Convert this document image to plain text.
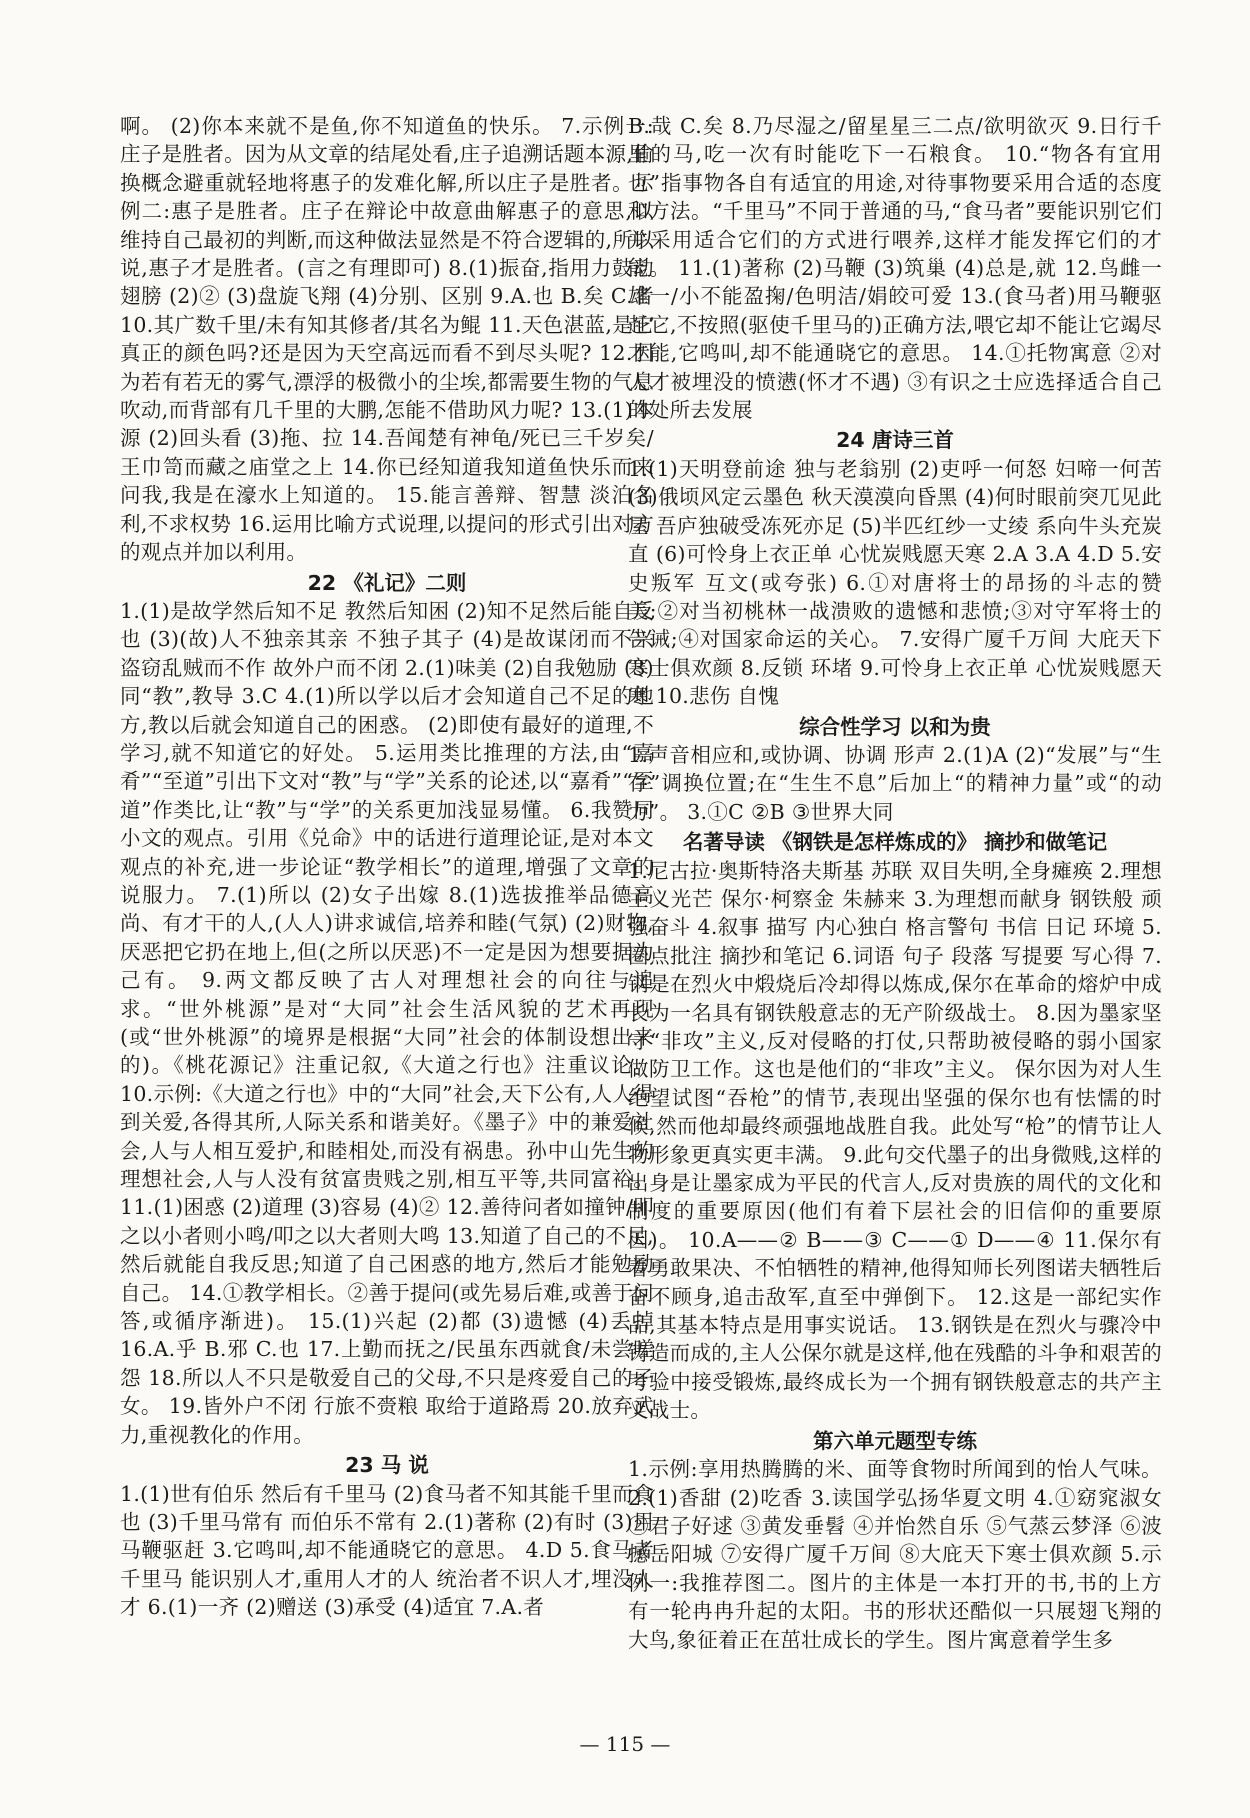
啊。 (2)你本来就不是鱼,你不知道鱼的快乐。 7.示例一:庄子是胜者。因为从文章的结尾处看,庄子追溯话题本源,偷换概念避重就轻地将惠子的发难化解,所以庄子是胜者。示例二:惠子是胜者。庄子在辩论中故意曲解惠子的意思,以维持自己最初的判断,而这种做法显然是不符合逻辑的,所以说,惠子才是胜者。(言之有理即可) 8.(1)振奋,指用力鼓动翅膀 (2)② (3)盘旋飞翔 (4)分别、区别 9.A.也 B.矣 C.者 10.其广数千里/未有知其修者/其名为鲲 11.天色湛蓝,是它真正的颜色吗?还是因为天空高远而看不到尽头呢? 12.因为若有若无的雾气,漂浮的极微小的尘埃,都需要生物的气息吹动,而背部有几千里的大鹏,怎能不借助风力呢? 13.(1)本源 (2)回头看 (3)拖、拉 14.吾闻楚有神龟/死已三千岁矣/王巾笥而藏之庙堂之上 14.你已经知道我知道鱼快乐而来问我,我是在濠水上知道的。 15.能言善辩、智慧 淡泊名利,不求权势 16.运用比喻方式说理,以提问的形式引出对方的观点并加以利用。

22 《礼记》二则

1.(1)是故学然后知不足 教然后知困 (2)知不足然后能自反也 (3)(故)人不独亲其亲 不独子其子 (4)是故谋闭而不兴 盗窃乱贼而不作 故外户而不闭 2.(1)味美 (2)自我勉励 (3)同“教”,教导 3.C 4.(1)所以学以后才会知道自己不足的地方,教以后就会知道自己的困惑。 (2)即使有最好的道理,不学习,就不知道它的好处。 5.运用类比推理的方法,由“嘉肴”“至道”引出下文对“教”与“学”关系的论述,以“嘉肴”“至道”作类比,让“教”与“学”的关系更加浅显易懂。 6.我赞同小文的观点。引用《兑命》中的话进行道理论证,是对本文观点的补充,进一步论证“教学相长”的道理,增强了文章的说服力。 7.(1)所以 (2)女子出嫁 8.(1)选拔推举品德高尚、有才干的人,(人人)讲求诚信,培养和睦(气氛) (2)财物,厌恶把它扔在地上,但(之所以厌恶)不一定是因为想要据为己有。 9.两文都反映了古人对理想社会的向往与追求。“世外桃源”是对“大同”社会生活风貌的艺术再现(或“世外桃源”的境界是根据“大同”社会的体制设想出来的)。《桃花源记》注重记叙,《大道之行也》注重议论。 10.示例:《大道之行也》中的“大同”社会,天下公有,人人得到关爱,各得其所,人际关系和谐美好。《墨子》中的兼爱社会,人与人相互爱护,和睦相处,而没有祸患。孙中山先生的理想社会,人与人没有贫富贵贱之别,相互平等,共同富裕。 11.(1)困惑 (2)道理 (3)容易 (4)② 12.善待问者如撞钟/叩之以小者则小鸣/叩之以大者则大鸣 13.知道了自己的不足,然后就能自我反思;知道了自己困惑的地方,然后才能勉励自己。 14.①教学相长。②善于提问(或先易后难,或善于问答,或循序渐进)。 15.(1)兴起 (2)都 (3)遗憾 (4)丢掉 16.A.乎 B.邪 C.也 17.上勤而抚之/民虽东西就食/未尝嗟怨 18.所以人不只是敬爱自己的父母,不只是疼爱自己的子女。 19.皆外户不闭 行旅不赍粮 取给于道路焉 20.放弃武力,重视教化的作用。

23 马 说

1.(1)世有伯乐 然后有千里马 (2)食马者不知其能千里而食也 (3)千里马常有 而伯乐不常有 2.(1)著称 (2)有时 (3)用马鞭驱赶 3.它鸣叫,却不能通晓它的意思。 4.D 5.食马者 千里马 能识别人才,重用人才的人 统治者不识人才,埋没人才 6.(1)一齐 (2)赠送 (3)承受 (4)适宜 7.A.者

B.哉 C.矣 8.乃尽湿之/留星星三二点/欲明欲灭 9.日行千里的马,吃一次有时能吃下一石粮食。 10.“物各有宜用也”指事物各自有适宜的用途,对待事物要采用合适的态度和方法。“千里马”不同于普通的马,“食马者”要能识别它们并采用适合它们的方式进行喂养,这样才能发挥它们的才能。 11.(1)著称 (2)马鞭 (3)筑巢 (4)总是,就 12.鸟雌一雄一/小不能盈掬/色明洁/娟皎可爱 13.(食马者)用马鞭驱赶它,不按照(驱使千里马的)正确方法,喂它却不能让它竭尽才能,它鸣叫,却不能通晓它的意思。 14.①托物寓意 ②对人才被埋没的愤懑(怀才不遇) ③有识之士应选择适合自己的处所去发展

24 唐诗三首

1.(1)天明登前途 独与老翁别 (2)吏呼一何怒 妇啼一何苦 (3)俄顷风定云墨色 秋天漠漠向昏黑 (4)何时眼前突兀见此屋 吾庐独破受冻死亦足 (5)半匹红纱一丈绫 系向牛头充炭直 (6)可怜身上衣正单 心忧炭贱愿天寒 2.A 3.A 4.D 5.安史叛军 互文(或夸张) 6.①对唐将士的昂扬的斗志的赞美;②对当初桃林一战溃败的遗憾和悲愤;③对守军将士的告诫;④对国家命运的关心。 7.安得广厦千万间 大庇天下寒士俱欢颜 8.反锁 环堵 9.可怜身上衣正单 心忧炭贱愿天寒 10.悲伤 自愧

综合性学习 以和为贵

1.声音相应和,或协调、协调 形声 2.(1)A (2)“发展”与“生存”调换位置;在“生生不息”后加上“的精神力量”或“的动力”。 3.①C ②B ③世界大同

名著导读 《钢铁是怎样炼成的》 摘抄和做笔记

1.尼古拉·奥斯特洛夫斯基 苏联 双目失明,全身瘫痪 2.理想主义光芒 保尔·柯察金 朱赫来 3.为理想而献身 钢铁般 顽强奋斗 4.叙事 描写 内心独白 格言警句 书信 日记 环境 5.圈点批注 摘抄和笔记 6.词语 句子 段落 写提要 写心得 7.钢是在烈火中煅烧后冷却得以炼成,保尔在革命的熔炉中成长为一名具有钢铁般意志的无产阶级战士。 8.因为墨家坚守“非攻”主义,反对侵略的打仗,只帮助被侵略的弱小国家做防卫工作。这也是他们的“非攻”主义。 保尔因为对人生绝望试图“吞枪”的情节,表现出坚强的保尔也有怯懦的时候,然而他却最终顽强地战胜自我。此处写“枪”的情节让人物形象更真实更丰满。 9.此句交代墨子的出身微贱,这样的出身是让墨家成为平民的代言人,反对贵族的周代的文化和制度的重要原因(他们有着下层社会的旧信仰的重要原因)。 10.A——② B——③ C——① D——④ 11.保尔有着勇敢果决、不怕牺牲的精神,他得知师长列图诺夫牺牲后奋不顾身,追击敌军,直至中弹倒下。 12.这是一部纪实作品,其基本特点是用事实说话。 13.钢铁是在烈火与骤冷中铸造而成的,主人公保尔就是这样,他在残酷的斗争和艰苦的考验中接受锻炼,最终成长为一个拥有钢铁般意志的共产主义战士。

第六单元题型专练

1.示例:享用热腾腾的米、面等食物时所闻到的怡人气味。 2.(1)香甜 (2)吃香 3.读国学弘扬华夏文明 4.①窈窕淑女 ②君子好逑 ③黄发垂髫 ④并怡然自乐 ⑤气蒸云梦泽 ⑥波撼岳阳城 ⑦安得广厦千万间 ⑧大庇天下寒士俱欢颜 5.示例一:我推荐图二。图片的主体是一本打开的书,书的上方有一轮冉冉升起的太阳。书的形状还酷似一只展翅飞翔的大鸟,象征着正在茁壮成长的学生。图片寓意着学生多

— 115 —
